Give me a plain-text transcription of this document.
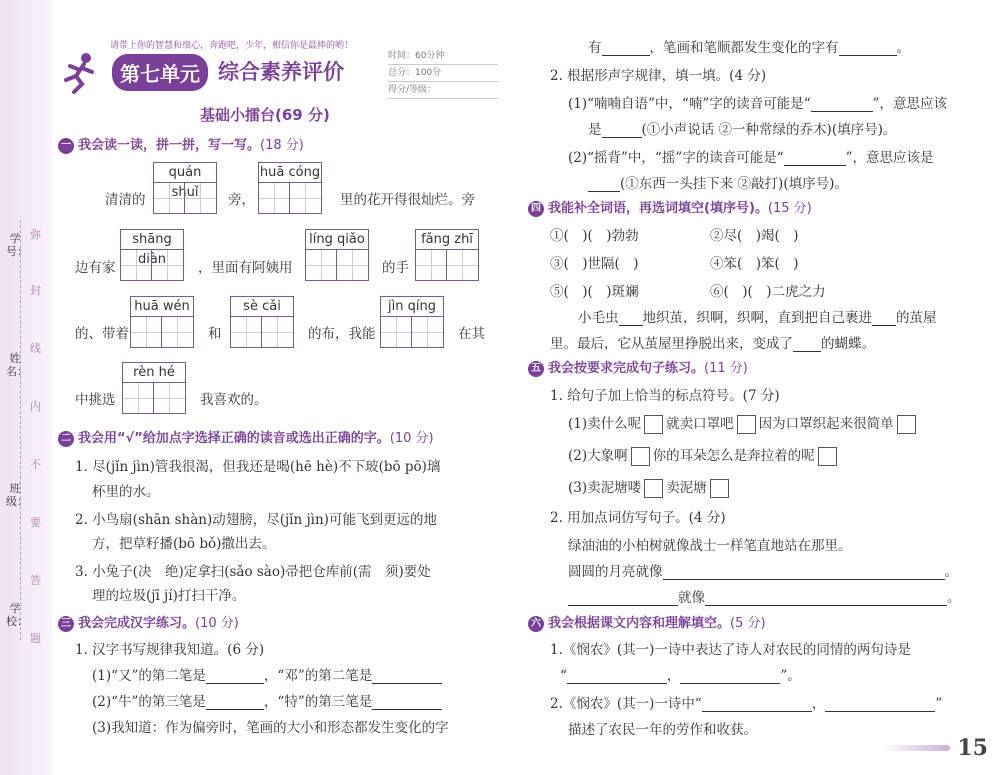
学号：
姓名：
班级：
学校：
弥
封
线
内
不
要
答
题
请带上你的智慧和细心，奔跑吧，少年，相信你是最棒的哟！
第七单元 综合素养评价
时间：60分钟
总分：100分
得分/等级：
基础小擂台(69 分)
一 我会读一读，拼一拼，写一写。(18 分)
quán	huā cóng
清清的	旁，	里的花开得很灿烂。旁
shāng	líng qiǎo	fǎng zhī
边有家	，里面有阿姨用	的手
huā wén	sè cǎi	jìn qíng
的、带着	和	的布，我能	在其
rèn hé
中挑选	我喜欢的。
二 我会用“√”给加点字选择正确的读音或选出正确的字。(10 分)
1. 尽(jǐn jìn)管我很渴，但我还是喝(hē hè)不下玻(bō pō)璃
杯里的水。
2. 小鸟扇(shān shàn)动翅膀，尽(jǐn jìn)可能飞到更远的地
方，把草籽播(bō bǒ)撒出去。
3. 小兔子(决　绝)定拿扫(sǎo sào)帚把仓库前(需　须)要处
理的垃圾(jī jí)打扫干净。
三 我会完成汉字练习。(10 分)
1. 汉字书写规律我知道。(6 分)
(1)“又”的第二笔是	，“邓”的第二笔是
(2)“牛”的第三笔是	，“特”的第三笔是
(3)我知道：作为偏旁时，笔画的大小和形态都发生变化的字
有	，笔画和笔顺都发生变化的字有	。
2. 根据形声字规律，填一填。(4 分)
(1)“喃喃自语”中，“喃”字的读音可能是“	”，意思应该
是	(①小声说话 ②一种常绿的乔木)(填序号)。
(2)“摇背”中，“摇”字的读音可能是“	”，意思应该是
(①东西一头挂下来 ②敲打)(填序号)。
四 我能补全词语，再选词填空(填序号)。(15 分)
①(　)(　)勃勃	②尽(　)竭(　)
③(　)世隔(　)	④笨(　)笨(　)
⑤(　)(　)斑斓	⑥(　)(　)二虎之力
小毛虫 地织茧，织啊，织啊，直到把自己裹进 的茧屋
里。最后，它从茧屋里挣脱出来，变成了 的蝴蝶。
五 我会按要求完成句子练习。(11 分)
1. 给句子加上恰当的标点符号。(7 分)
(1)卖什么呢 就卖口罩吧 因为口罩织起来很简单
(2)大象啊 你的耳朵怎么是奔拉着的呢
(3)卖泥塘喽 卖泥塘
2. 用加点词仿写句子。(4 分)
绿油油的小柏树就像战士一样笔直地站在那里。
圆圆的月亮就像	。
就像	。
六 我会根据课文内容和理解填空。(5 分)
1.《悯农》(其一)一诗中表达了诗人对农民的同情的两句诗是
“	，	”。
2.《悯农》(其一)一诗中“	，	”
描述了农民一年的劳作和收获。
15
